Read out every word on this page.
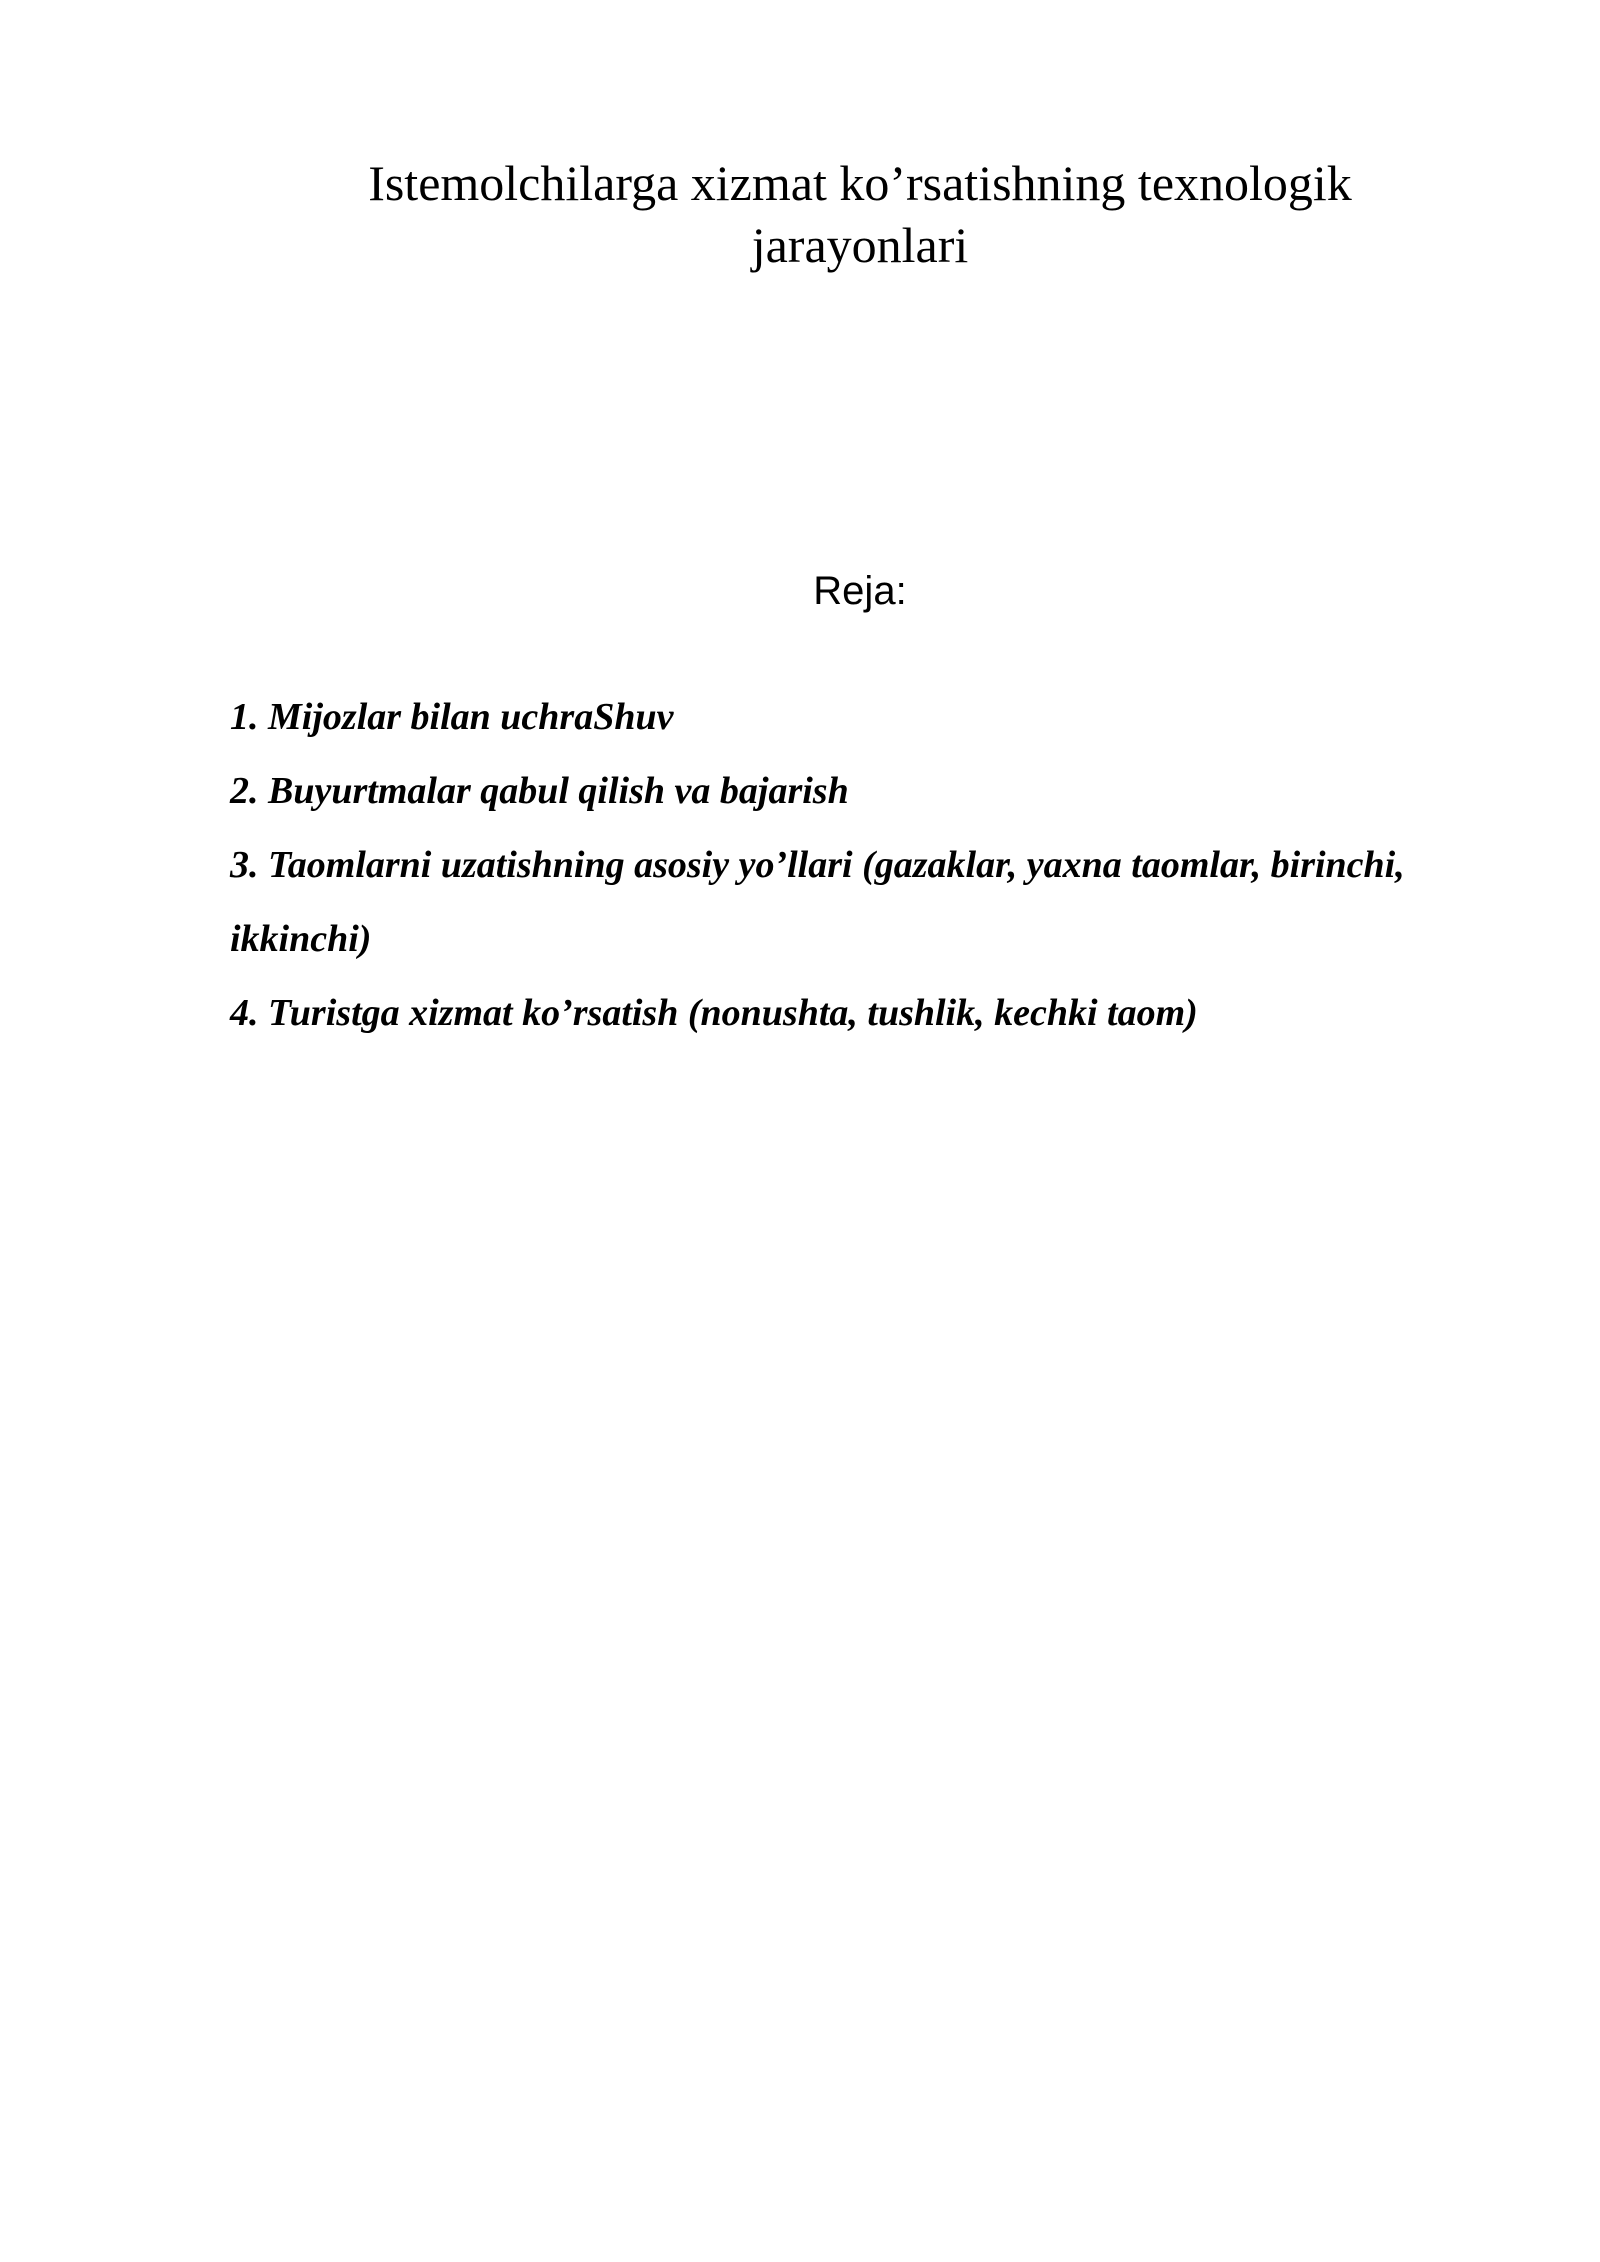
Istemolchilarga xizmat ko’rsatishning texnologik
jarayonlari
Reja:
1. Mijozlar bilan uchraShuv
2. Buyurtmalar qabul qilish va bajarish
3. Taomlarni uzatishning asosiy yo’llari (gazaklar, yaxna taomlar, birinchi, ikkinchi)
4. Turistga xizmat ko’rsatish (nonushta, tushlik, kechki taom)
